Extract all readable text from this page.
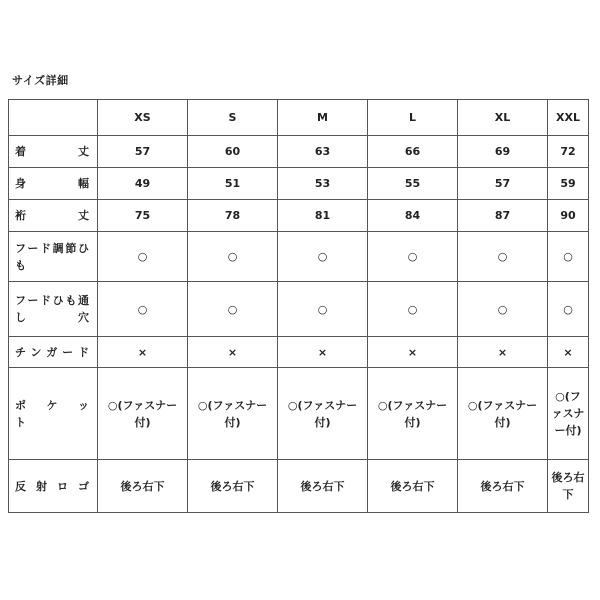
サイズ詳細
	XS	S	M	L	XL	XXL
着　　丈	57	60	63	66	69	72
身　　幅	49	51	53	55	57	59
裄　　丈	75	78	81	84	87	90

フード調節ひ
も	○	○	○	○	○	○

フードひも通
し　　穴	○	○	○	○	○	○
チンガード	×	×	×	×	×	×
ポ　ケ　ッ　ト	○(ファスナー付)	○(ファスナー付)	○(ファスナー付)	○(ファスナー付)	○(ファスナー付)	○(ファスナー付)
反射ロゴ	後ろ右下	後ろ右下	後ろ右下	後ろ右下	後ろ右下	後ろ右下
